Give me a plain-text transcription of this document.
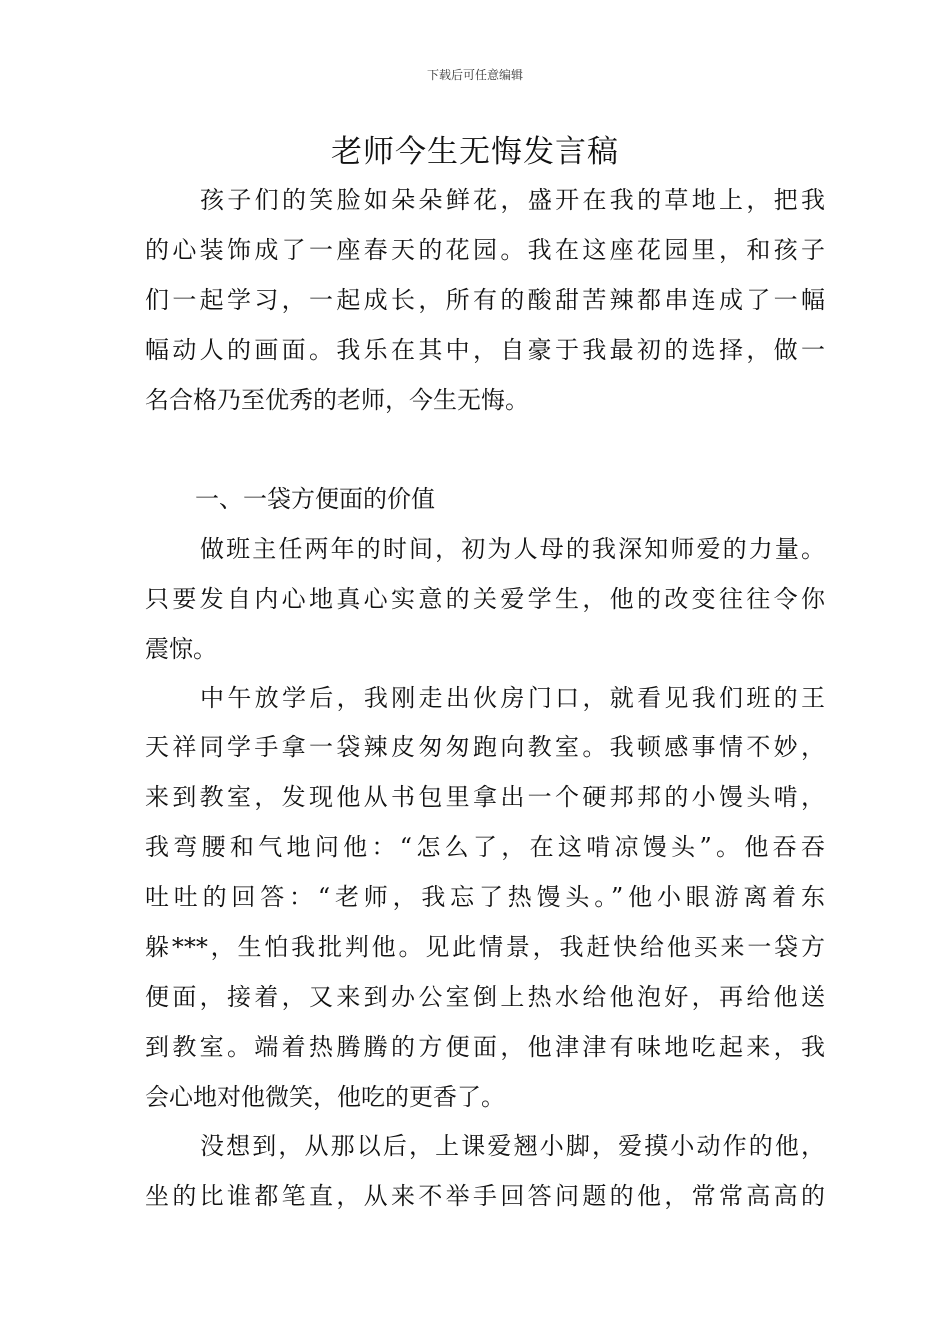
下载后可任意编辑
老师今生无悔发言稿
孩子们的笑脸如朵朵鲜花，盛开在我的草地上，把我
的心装饰成了一座春天的花园。我在这座花园里，和孩子
们一起学习，一起成长，所有的酸甜苦辣都串连成了一幅
幅动人的画面。我乐在其中，自豪于我最初的选择，做一
名合格乃至优秀的老师，今生无悔。
一、一袋方便面的价值
做班主任两年的时间，初为人母的我深知师爱的力量。
只要发自内心地真心实意的关爱学生，他的改变往往令你
震惊。
中午放学后，我刚走出伙房门口，就看见我们班的王
天祥同学手拿一袋辣皮匆匆跑向教室。我顿感事情不妙，
来到教室，发现他从书包里拿出一个硬邦邦的小馒头啃，
我弯腰和气地问他：“怎么了，在这啃凉馒头”。他吞吞
吐吐的回答：“老师，我忘了热馒头。”他小眼游离着东
躲***，生怕我批判他。见此情景，我赶快给他买来一袋方
便面，接着，又来到办公室倒上热水给他泡好，再给他送
到教室。端着热腾腾的方便面，他津津有味地吃起来，我
会心地对他微笑，他吃的更香了。
没想到，从那以后，上课爱翘小脚，爱摸小动作的他，
坐的比谁都笔直，从来不举手回答问题的他，常常高高的
